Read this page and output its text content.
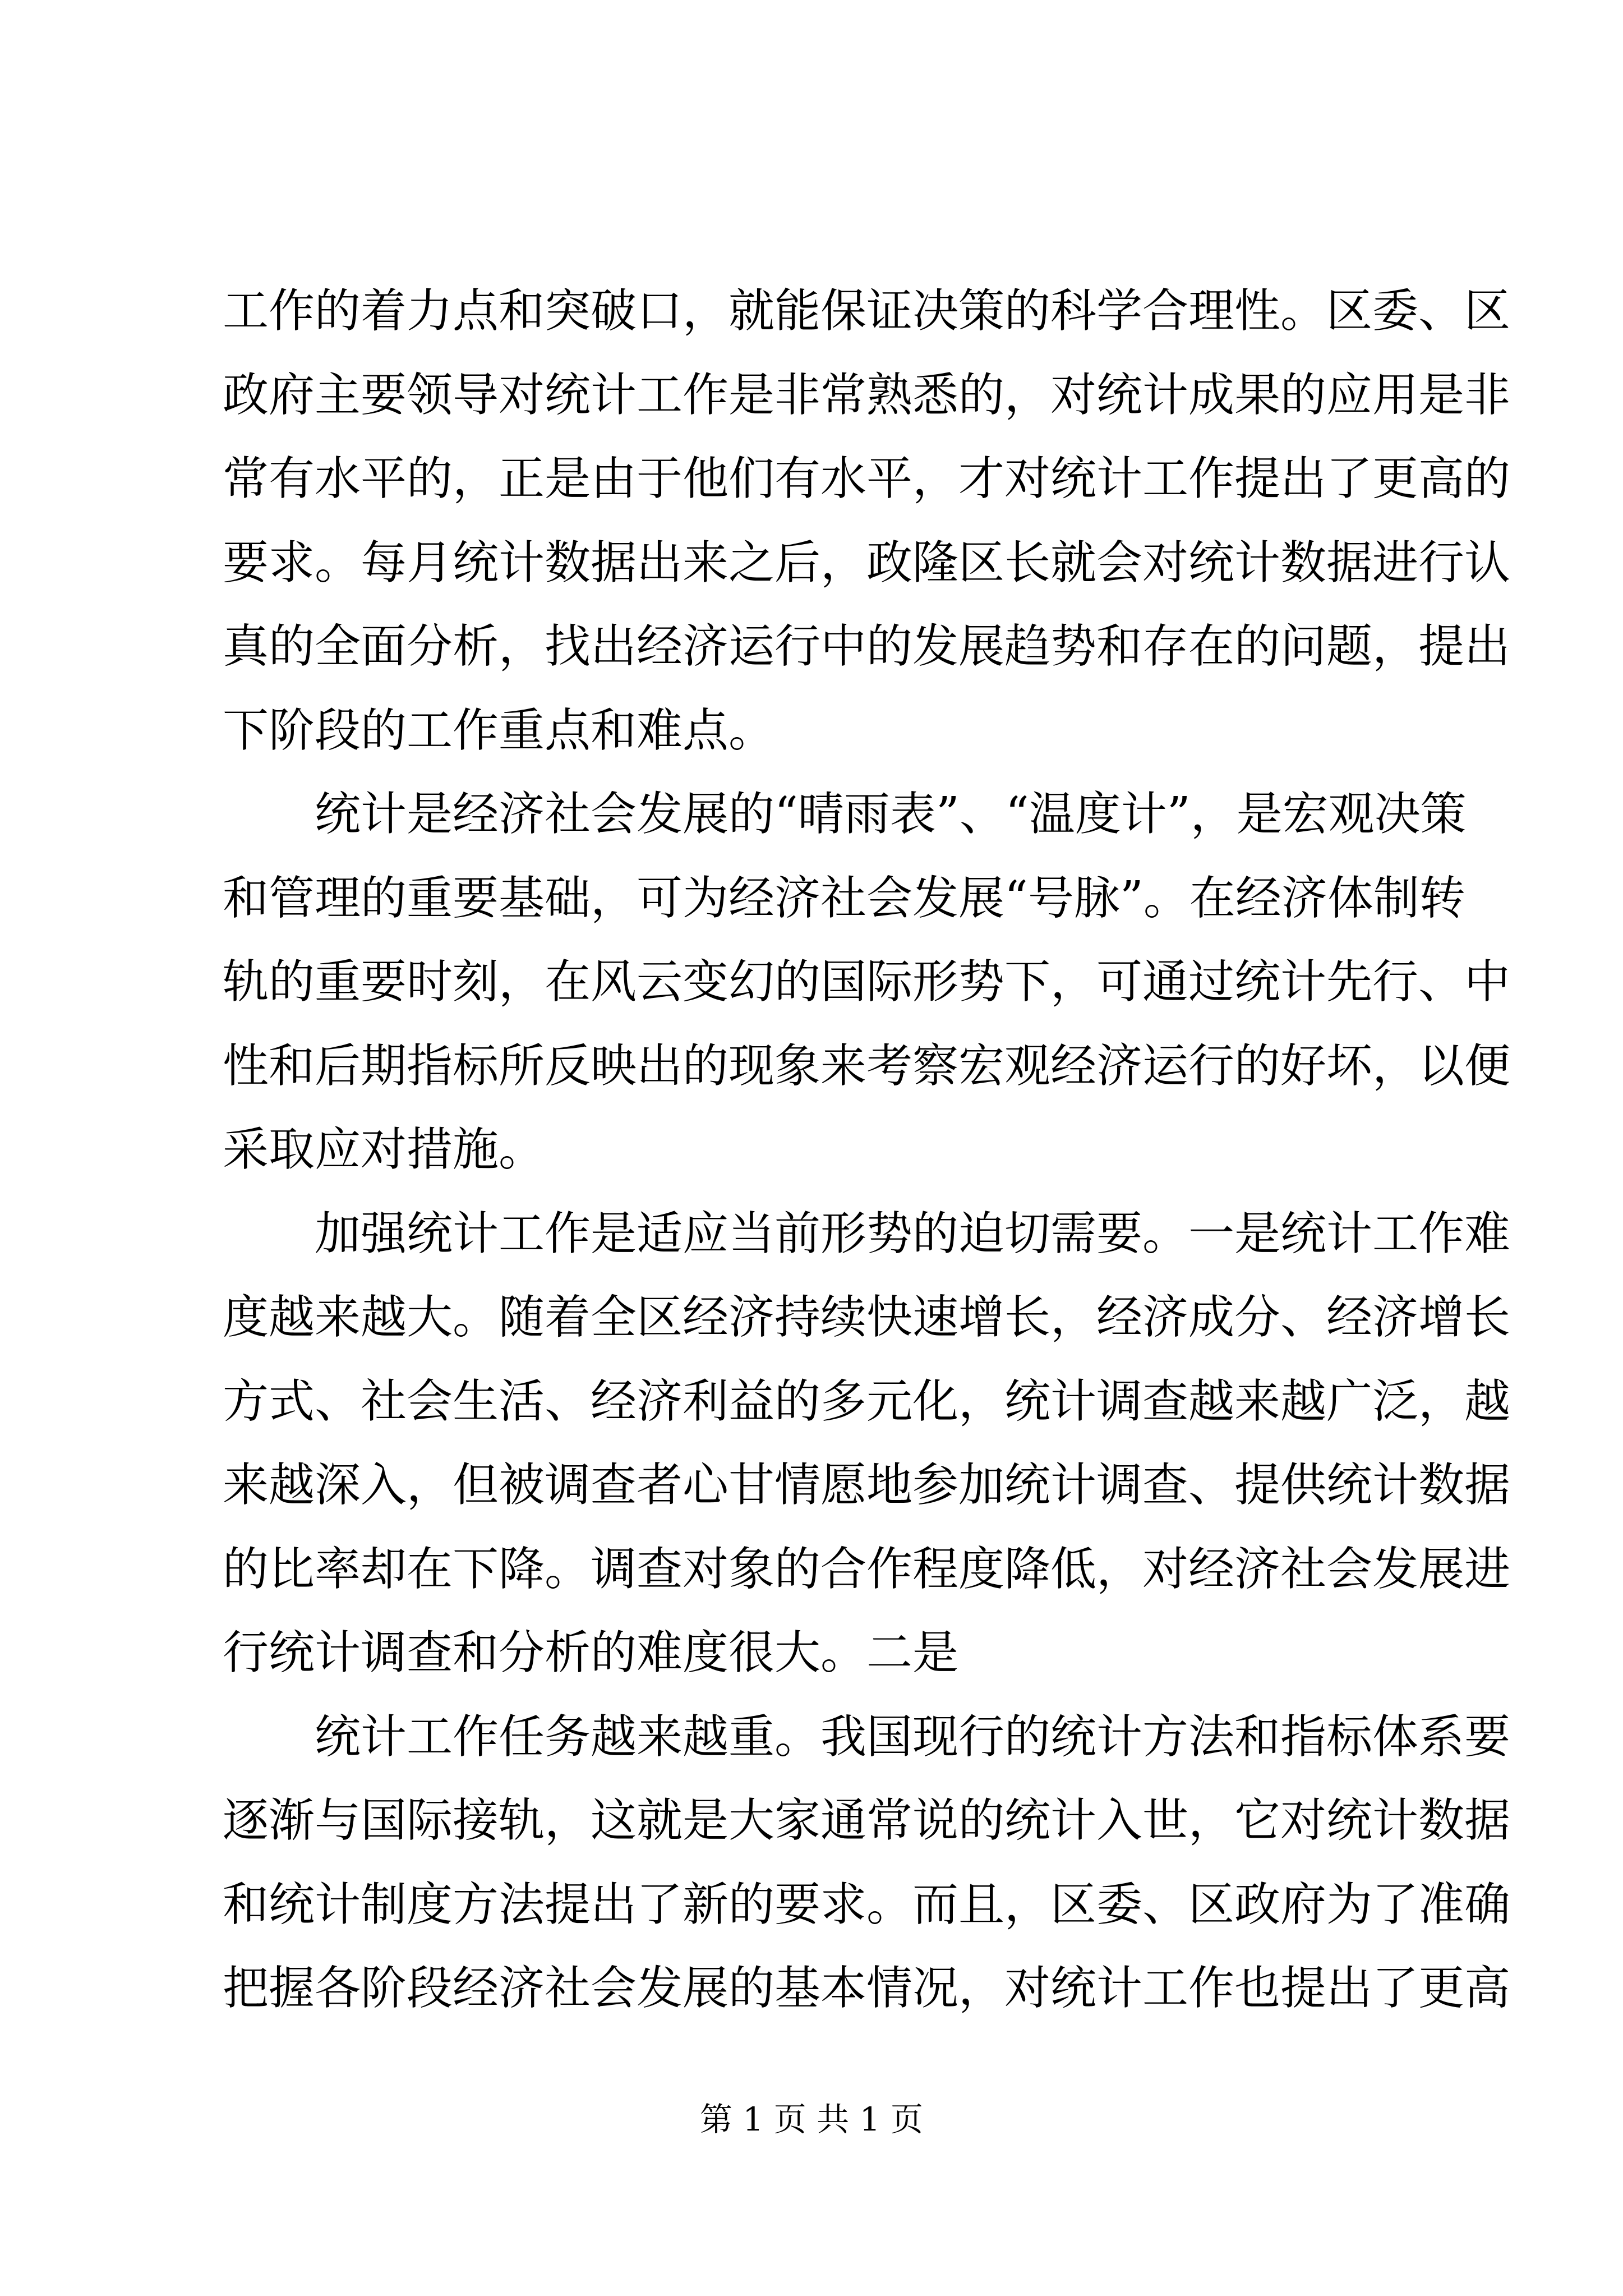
工作的着力点和突破口，就能保证决策的科学合理性。区委、区
政府主要领导对统计工作是非常熟悉的，对统计成果的应用是非
常有水平的，正是由于他们有水平，才对统计工作提出了更高的
要求。每月统计数据出来之后，政隆区长就会对统计数据进行认
真的全面分析，找出经济运行中的发展趋势和存在的问题，提出
下阶段的工作重点和难点。
统计是经济社会发展的“晴雨表”、“温度计”，是宏观决策
和管理的重要基础，可为经济社会发展“号脉”。在经济体制转
轨的重要时刻，在风云变幻的国际形势下，可通过统计先行、中
性和后期指标所反映出的现象来考察宏观经济运行的好坏，以便
采取应对措施。
加强统计工作是适应当前形势的迫切需要。一是统计工作难
度越来越大。随着全区经济持续快速增长，经济成分、经济增长
方式、社会生活、经济利益的多元化，统计调查越来越广泛，越
来越深入，但被调查者心甘情愿地参加统计调查、提供统计数据
的比率却在下降。调查对象的合作程度降低，对经济社会发展进
行统计调查和分析的难度很大。二是
统计工作任务越来越重。我国现行的统计方法和指标体系要
逐渐与国际接轨，这就是大家通常说的统计入世，它对统计数据
和统计制度方法提出了新的要求。而且，区委、区政府为了准确
把握各阶段经济社会发展的基本情况，对统计工作也提出了更高
第 1 页 共 1 页
